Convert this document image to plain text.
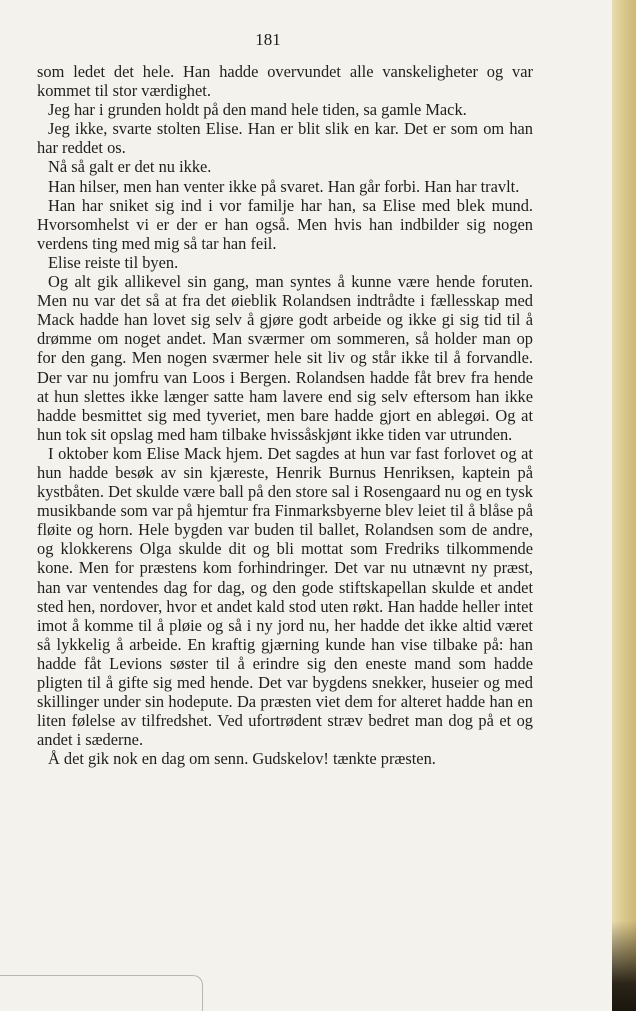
181

som ledet det hele. Han hadde overvundet alle vanskeligheter og var kommet til stor værdighet.

Jeg har i grunden holdt på den mand hele tiden, sa gamle Mack.

Jeg ikke, svarte stolten Elise. Han er blit slik en kar. Det er som om han har reddet os.

Nå så galt er det nu ikke.

Han hilser, men han venter ikke på svaret. Han går forbi. Han har travlt.

Han har sniket sig ind i vor familje har han, sa Elise med blek mund. Hvorsomhelst vi er der er han også. Men hvis han indbilder sig nogen verdens ting med mig så tar han feil.

Elise reiste til byen.

Og alt gik allikevel sin gang, man syntes å kunne være hende foruten. Men nu var det så at fra det øieblik Rolandsen indtrådte i fællesskap med Mack hadde han lovet sig selv å gjøre godt arbeide og ikke gi sig tid til å drømme om noget andet. Man sværmer om sommeren, så holder man op for den gang. Men nogen sværmer hele sit liv og står ikke til å forvandle. Der var nu jomfru van Loos i Bergen. Rolandsen hadde fåt brev fra hende at hun slettes ikke længer satte ham lavere end sig selv eftersom han ikke hadde besmittet sig med tyveriet, men bare hadde gjort en ablegøi. Og at hun tok sit opslag med ham tilbake hvissåskjønt ikke tiden var utrunden.

I oktober kom Elise Mack hjem. Det sagdes at hun var fast forlovet og at hun hadde besøk av sin kjæreste, Henrik Burnus Henriksen, kaptein på kystbåten. Det skulde være ball på den store sal i Rosengaard nu og en tysk musikbande som var på hjemtur fra Finmarksbyerne blev leiet til å blåse på fløite og horn. Hele bygden var buden til ballet, Rolandsen som de andre, og klokkerens Olga skulde dit og bli mottat som Fredriks tilkommende kone. Men for præstens kom forhindringer. Det var nu utnævnt ny præst, han var ventendes dag for dag, og den gode stiftskapellan skulde et andet sted hen, nordover, hvor et andet kald stod uten røkt. Han hadde heller intet imot å komme til å pløie og så i ny jord nu, her hadde det ikke altid været så lykkelig å arbeide. En kraftig gjærning kunde han vise tilbake på: han hadde fåt Levions søster til å erindre sig den eneste mand som hadde pligten til å gifte sig med hende. Det var bygdens snekker, huseier og med skillinger under sin hodepute. Da præsten viet dem for alteret hadde han en liten følelse av tilfredshet. Ved ufortrødent stræv bedret man dog på et og andet i sæderne.

Å det gik nok en dag om senn. Gudskelov! tænkte præsten.
